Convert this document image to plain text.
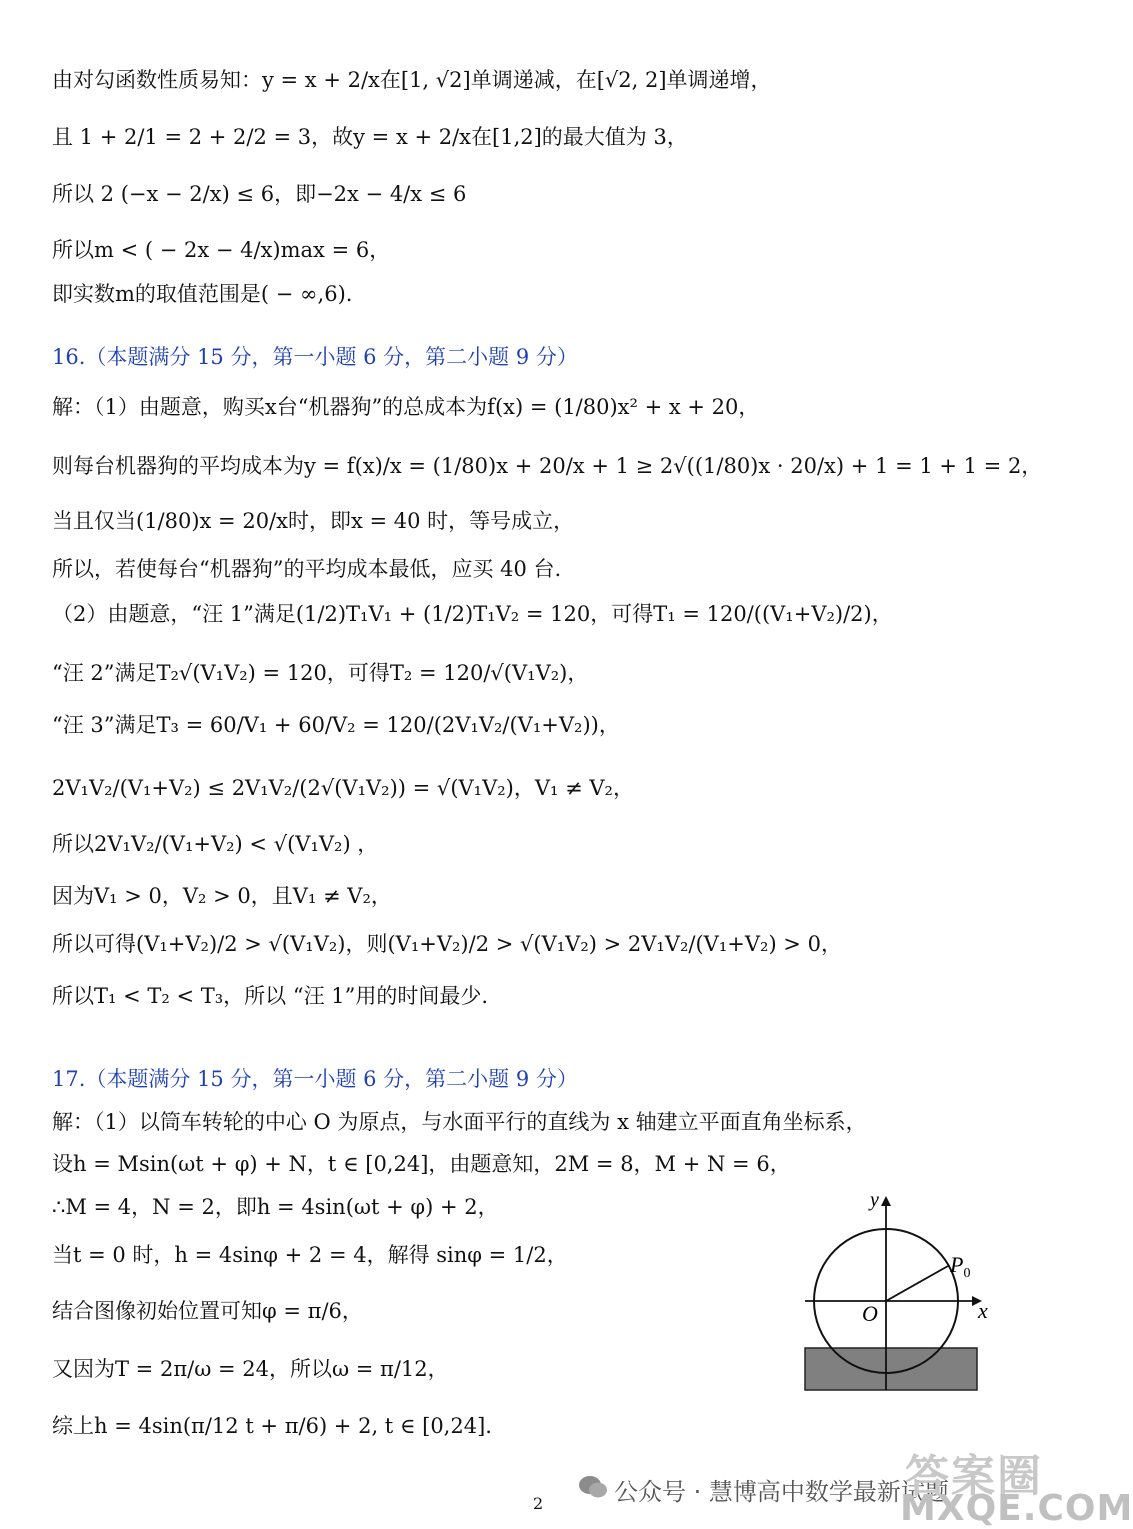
由对勾函数性质易知：y = x + 2/x在[1, √2]单调递减，在[√2, 2]单调递增，
且 1 + 2/1 = 2 + 2/2 = 3，故y = x + 2/x在[1,2]的最大值为 3，
所以 2 (−x − 2/x) ≤ 6，即−2x − 4/x ≤ 6
所以m < ( − 2x − 4/x)max = 6，
即实数m的取值范围是( − ∞,6).
16.（本题满分 15 分，第一小题 6 分，第二小题 9 分）
解：（1）由题意，购买x台“机器狗”的总成本为f(x) = (1/80)x² + x + 20，
则每台机器狗的平均成本为y = f(x)/x = (1/80)x + 20/x + 1 ≥ 2√((1/80)x · 20/x) + 1 = 1 + 1 = 2，
当且仅当(1/80)x = 20/x时，即x = 40 时，等号成立，
所以，若使每台“机器狗”的平均成本最低，应买 40 台.
（2）由题意，“汪 1”满足(1/2)T₁V₁ + (1/2)T₁V₂ = 120，可得T₁ = 120/((V₁+V₂)/2)，
“汪 2”满足T₂√(V₁V₂) = 120，可得T₂ = 120/√(V₁V₂)，
“汪 3”满足T₃ = 60/V₁ + 60/V₂ = 120/(2V₁V₂/(V₁+V₂))，
2V₁V₂/(V₁+V₂) ≤ 2V₁V₂/(2√(V₁V₂)) = √(V₁V₂)，V₁ ≠ V₂，
所以2V₁V₂/(V₁+V₂) < √(V₁V₂) ，
因为V₁ > 0，V₂ > 0，且V₁ ≠ V₂，
所以可得(V₁+V₂)/2 > √(V₁V₂)，则(V₁+V₂)/2 > √(V₁V₂) > 2V₁V₂/(V₁+V₂) > 0，
所以T₁ < T₂ < T₃，所以 “汪 1”用的时间最少.
17.（本题满分 15 分，第一小题 6 分，第二小题 9 分）
解：（1）以筒车转轮的中心 O 为原点，与水面平行的直线为 x 轴建立平面直角坐标系，
设h = Msin(ωt + φ) + N，t ∈ [0,24]，由题意知，2M = 8，M + N = 6，
∴M = 4，N = 2，即h = 4sin(ωt + φ) + 2，
当t = 0 时，h = 4sinφ + 2 = 4，解得 sinφ = 1/2，
结合图像初始位置可知φ = π/6，
又因为T = 2π/ω = 24，所以ω = π/12，
综上h = 4sin(π/12 t + π/6) + 2, t ∈ [0,24].
y
x
O
$P_0$
2	公众号 · 慧博高中数学最新试题
答案圈
MXQE.COM
